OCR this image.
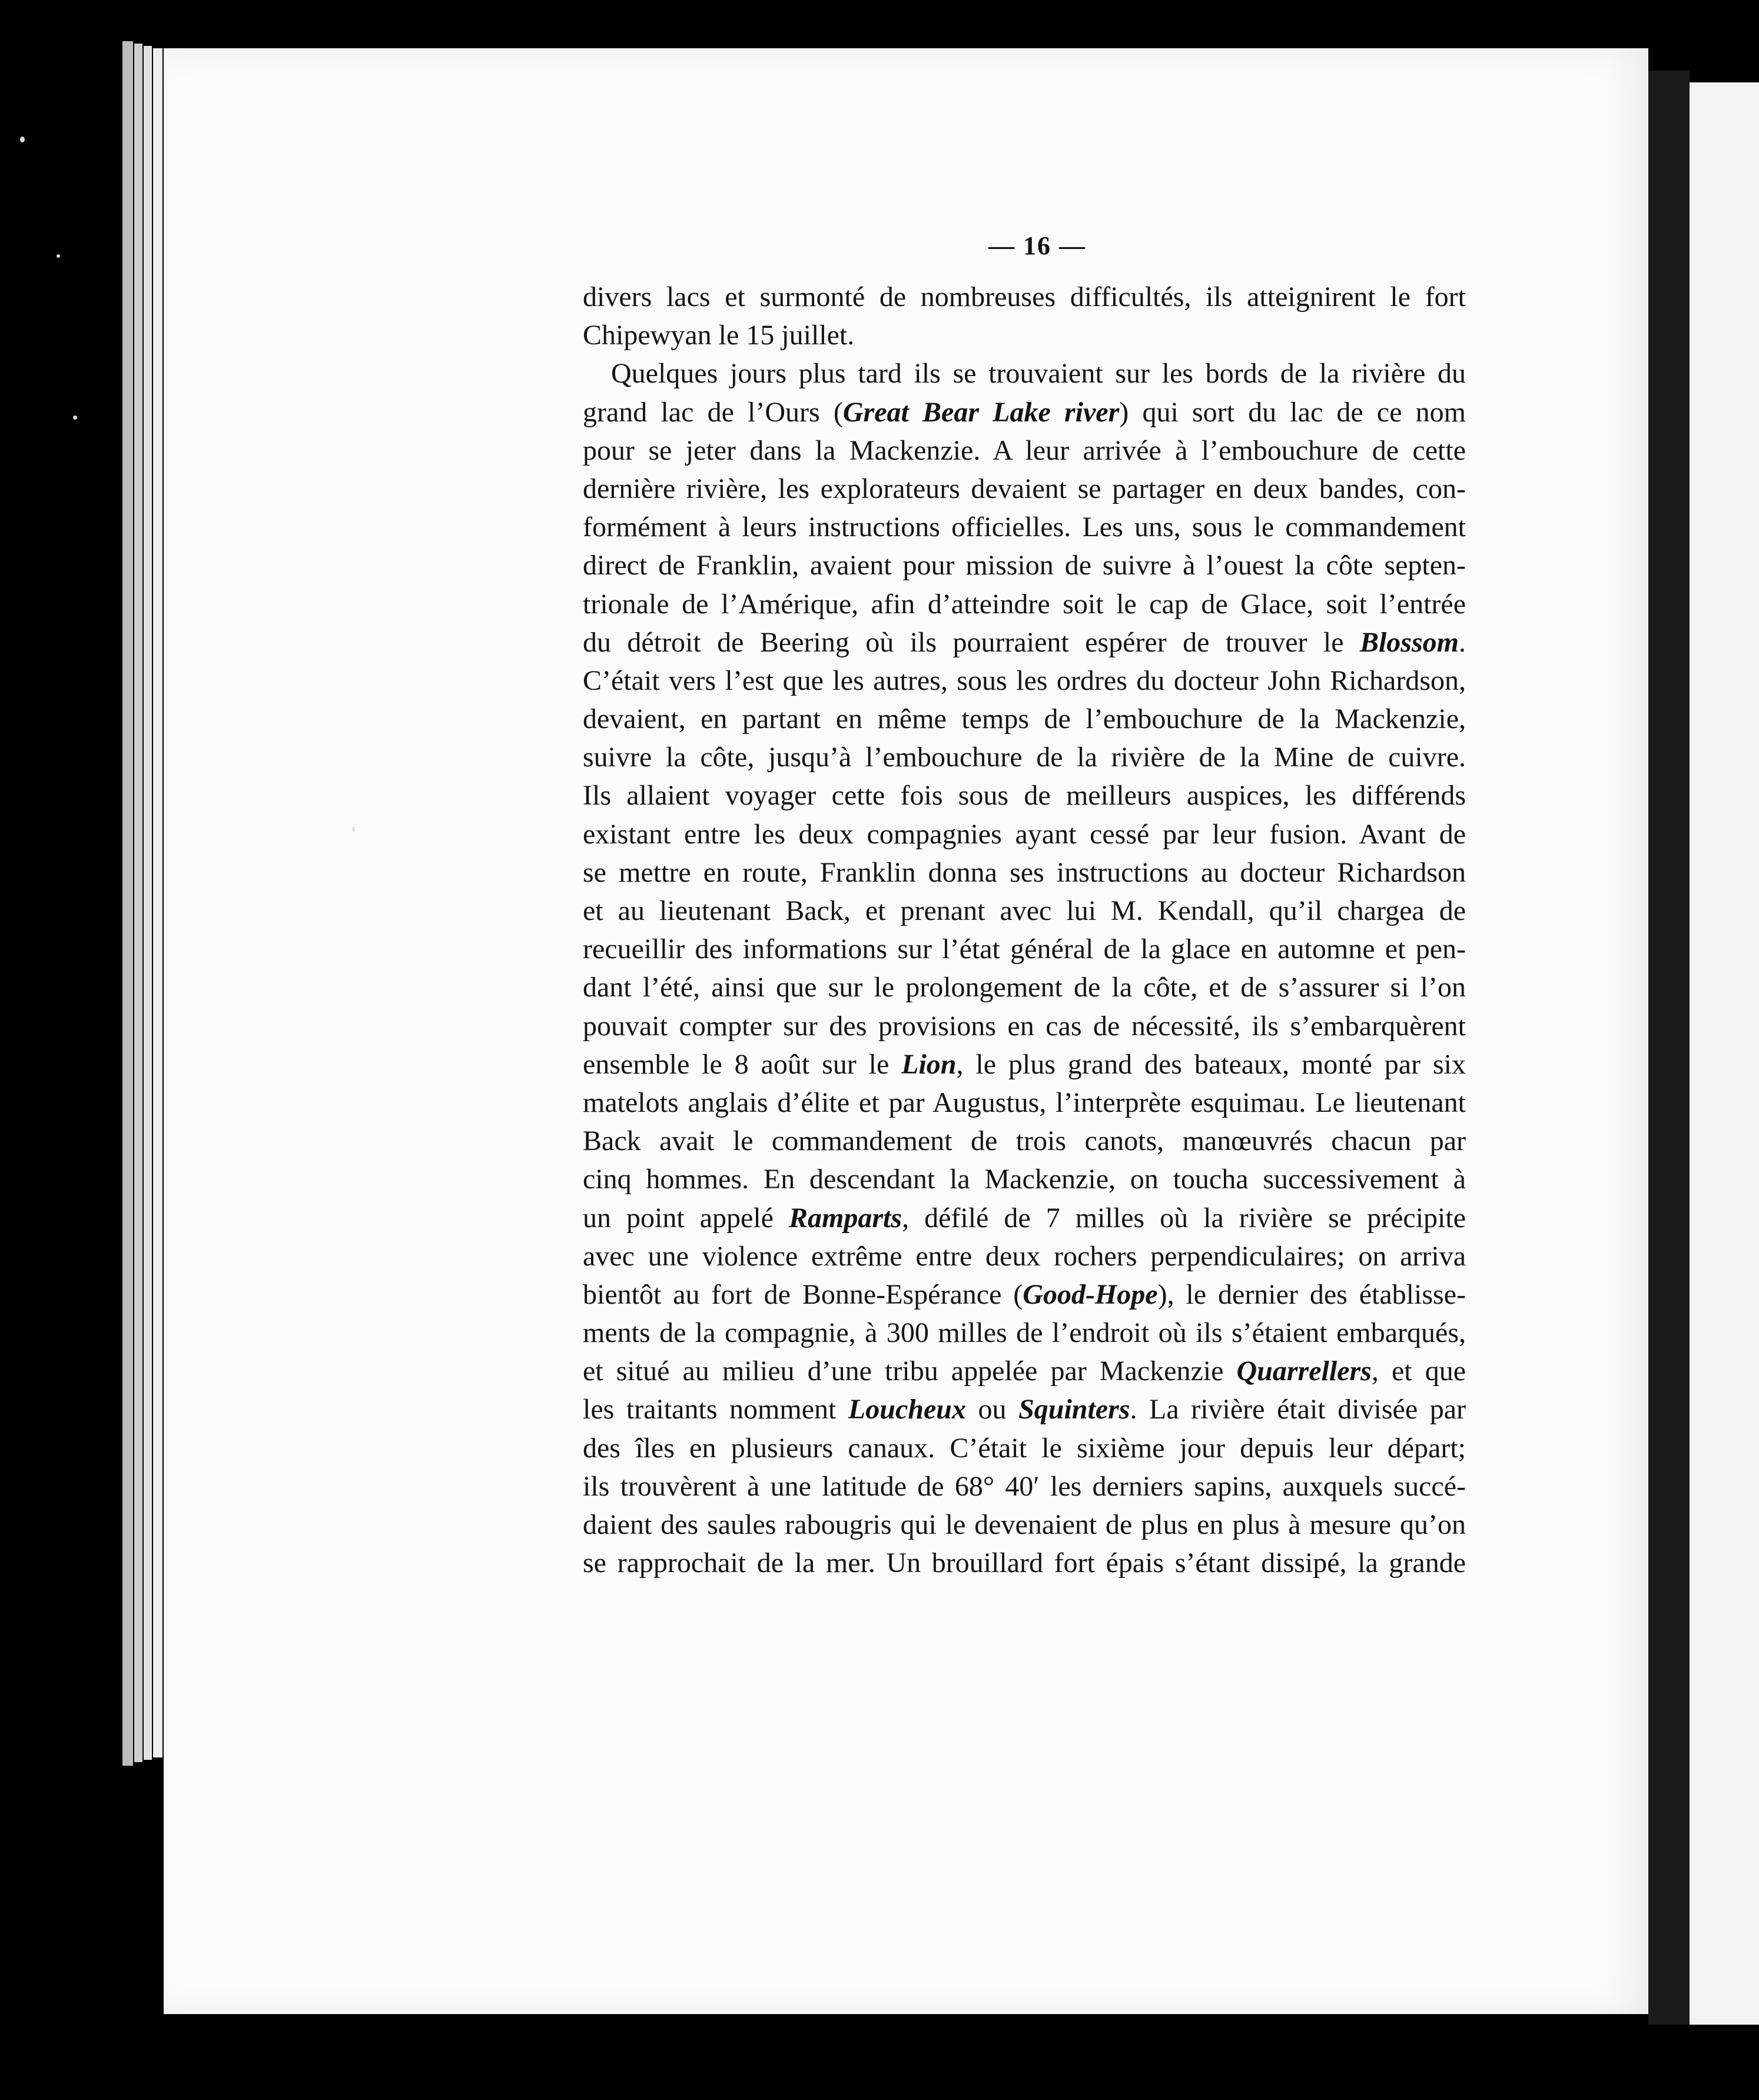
— 16 —
divers lacs et surmonté de nombreuses difficultés, ils atteignirent le fort
Chipewyan le 15 juillet.
Quelques jours plus tard ils se trouvaient sur les bords de la rivière du
grand lac de l’Ours (Great Bear Lake river) qui sort du lac de ce nom
pour se jeter dans la Mackenzie. A leur arrivée à l’embouchure de cette
dernière rivière, les explorateurs devaient se partager en deux bandes, con-
formément à leurs instructions officielles. Les uns, sous le commandement
direct de Franklin, avaient pour mission de suivre à l’ouest la côte septen-
trionale de l’Amérique, afin d’atteindre soit le cap de Glace, soit l’entrée
du détroit de Beering où ils pourraient espérer de trouver le Blossom.
C’était vers l’est que les autres, sous les ordres du docteur John Richardson,
devaient, en partant en même temps de l’embouchure de la Mackenzie,
suivre la côte, jusqu’à l’embouchure de la rivière de la Mine de cuivre.
Ils allaient voyager cette fois sous de meilleurs auspices, les différends
existant entre les deux compagnies ayant cessé par leur fusion. Avant de
se mettre en route, Franklin donna ses instructions au docteur Richardson
et au lieutenant Back, et prenant avec lui M. Kendall, qu’il chargea de
recueillir des informations sur l’état général de la glace en automne et pen-
dant l’été, ainsi que sur le prolongement de la côte, et de s’assurer si l’on
pouvait compter sur des provisions en cas de nécessité, ils s’embarquèrent
ensemble le 8 août sur le Lion, le plus grand des bateaux, monté par six
matelots anglais d’élite et par Augustus, l’interprète esquimau. Le lieutenant
Back avait le commandement de trois canots, manœuvrés chacun par
cinq hommes. En descendant la Mackenzie, on toucha successivement à
un point appelé Ramparts, défilé de 7 milles où la rivière se précipite
avec une violence extrême entre deux rochers perpendiculaires; on arriva
bientôt au fort de Bonne-Espérance (Good-Hope), le dernier des établisse-
ments de la compagnie, à 300 milles de l’endroit où ils s’étaient embarqués,
et situé au milieu d’une tribu appelée par Mackenzie Quarrellers, et que
les traitants nomment Loucheux ou Squinters. La rivière était divisée par
des îles en plusieurs canaux. C’était le sixième jour depuis leur départ;
ils trouvèrent à une latitude de 68° 40′ les derniers sapins, auxquels succé-
daient des saules rabougris qui le devenaient de plus en plus à mesure qu’on
se rapprochait de la mer. Un brouillard fort épais s’étant dissipé, la grande
